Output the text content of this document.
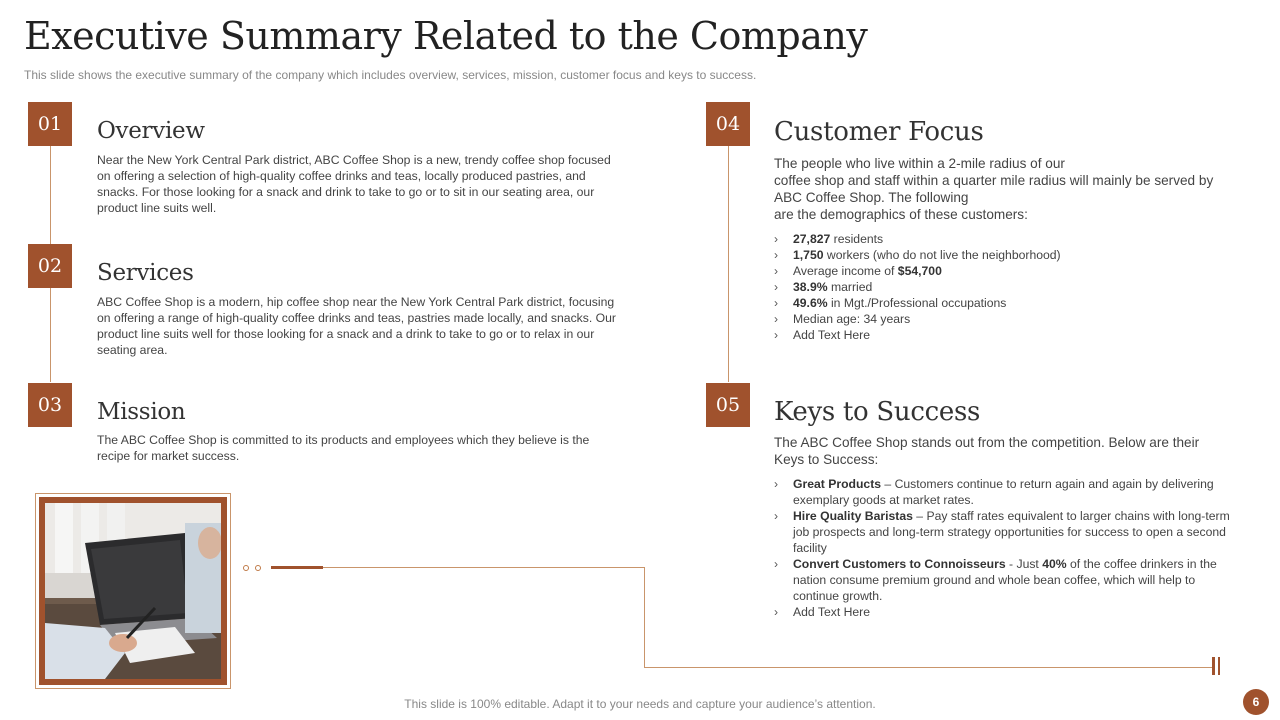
Executive Summary Related to the Company
This slide shows the executive summary of the company which includes overview, services, mission, customer focus and keys to success.
01	Overview
Near the New York Central Park district, ABC Coffee Shop is a new, trendy coffee shop focused on offering a selection of high-quality coffee drinks and teas, locally produced pastries, and snacks. For those looking for a snack and drink to take to go or to sit in our seating area, our product line suits well.
02	Services
ABC Coffee Shop is a modern, hip coffee shop near the New York Central Park district, focusing on offering a range of high-quality coffee drinks and teas, pastries made locally, and snacks. Our product line suits well for those looking for a snack and a drink to take to go or to relax in our seating area.
03	Mission
The ABC Coffee Shop is committed to its products and employees which they believe is the recipe for market success.
04	Customer Focus
The people who live within a 2-mile radius of our
coffee shop and staff within a quarter mile radius will mainly be served by
ABC Coffee Shop. The following
are the demographics of these customers:
› 27,827 residents
› 1,750 workers (who do not live the neighborhood)
› Average income of $54,700
› 38.9% married
› 49.6% in Mgt./Professional occupations
› Median age: 34 years
› Add Text Here
05	Keys to Success
The ABC Coffee Shop stands out from the competition. Below are their Keys to Success:
› Great Products – Customers continue to return again and again by delivering exemplary goods at market rates.
› Hire Quality Baristas – Pay staff rates equivalent to larger chains with long-term job prospects and long-term strategy opportunities for success to open a second facility
› Convert Customers to Connoisseurs - Just 40% of the coffee drinkers in the nation consume premium ground and whole bean coffee, which will help to continue growth.
› Add Text Here
This slide is 100% editable. Adapt it to your needs and capture your audience’s attention.	6
